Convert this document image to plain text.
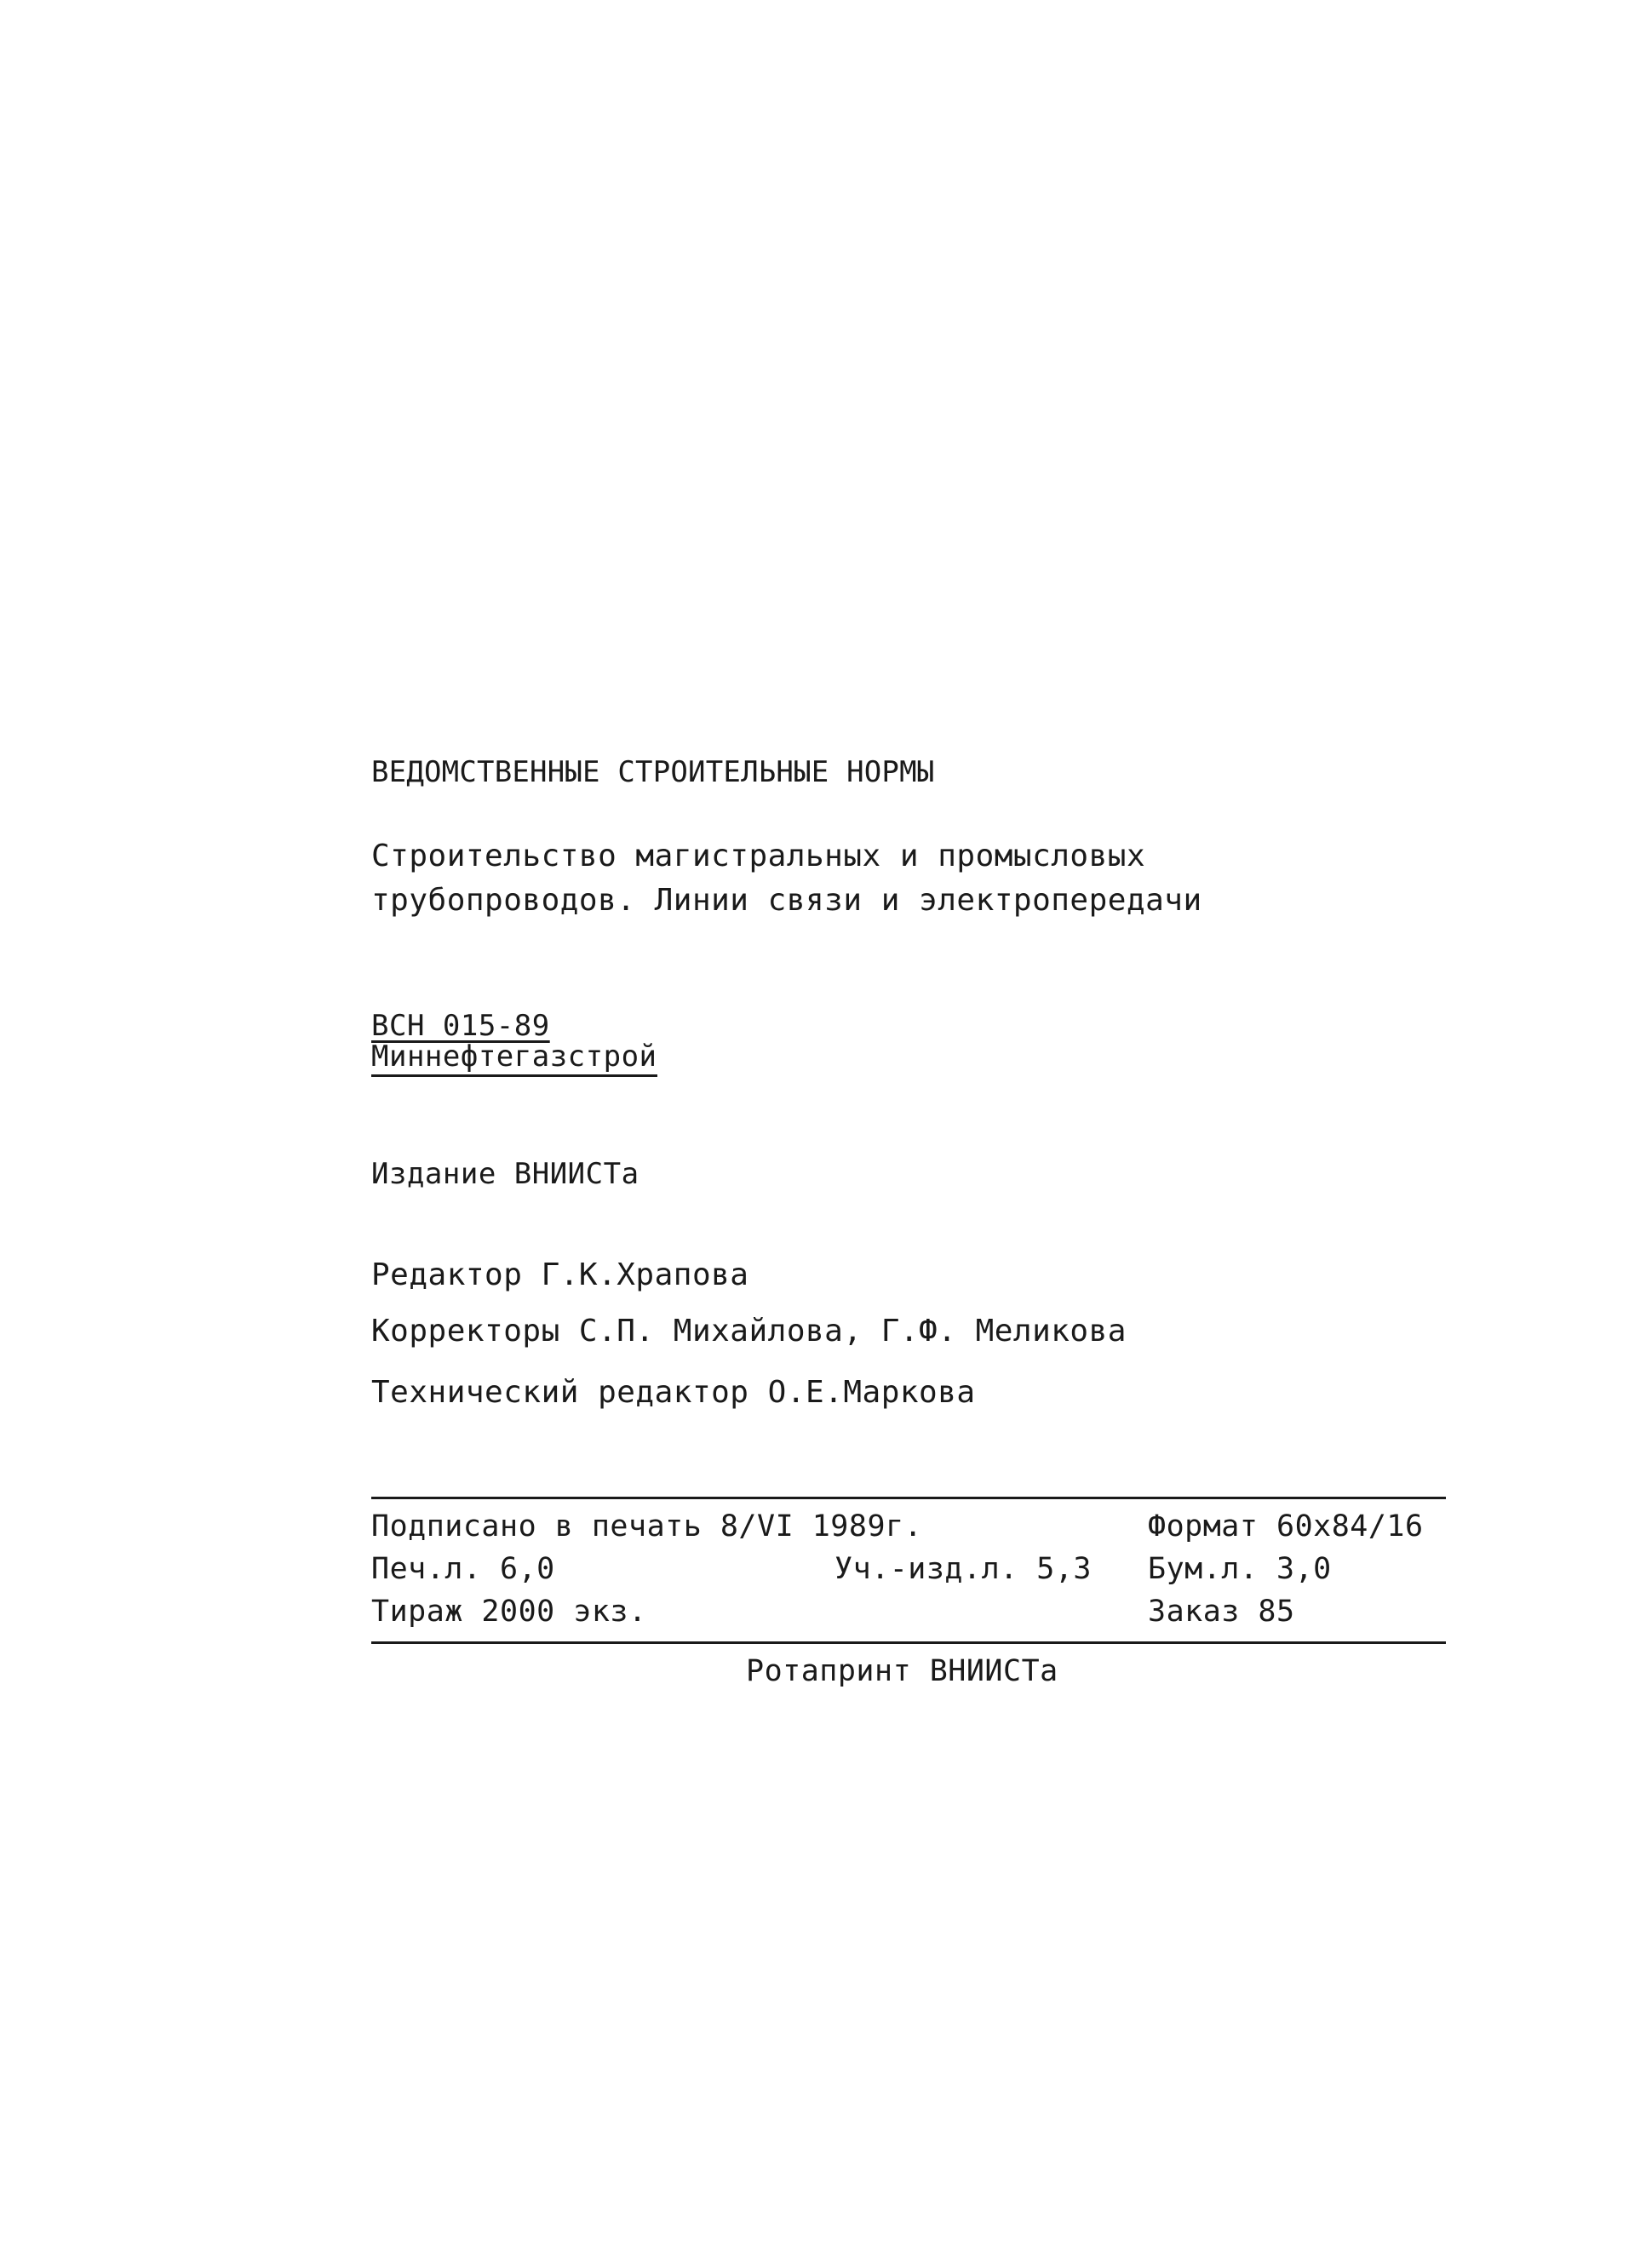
ВЕДОМСТВЕННЫЕ СТРОИТЕЛЬНЫЕ НОРМЫ
Строительство магистральных и промысловых
трубопроводов. Линии связи и электропередачи
ВСН 015-89
Миннефтегазстрой
Издание ВНИИСТа
Редактор Г.К.Храпова
Корректоры С.П. Михайлова, Г.Ф. Меликова
Технический редактор О.Е.Маркова
Подписано в печать 8/VI 1989г.	Формат 60x84/16
Печ.л. 6,0	Уч.-изд.л. 5,3 Бум.л. 3,0
Тираж 2000 экз.	Заказ 85
Ротапринт ВНИИСТа
